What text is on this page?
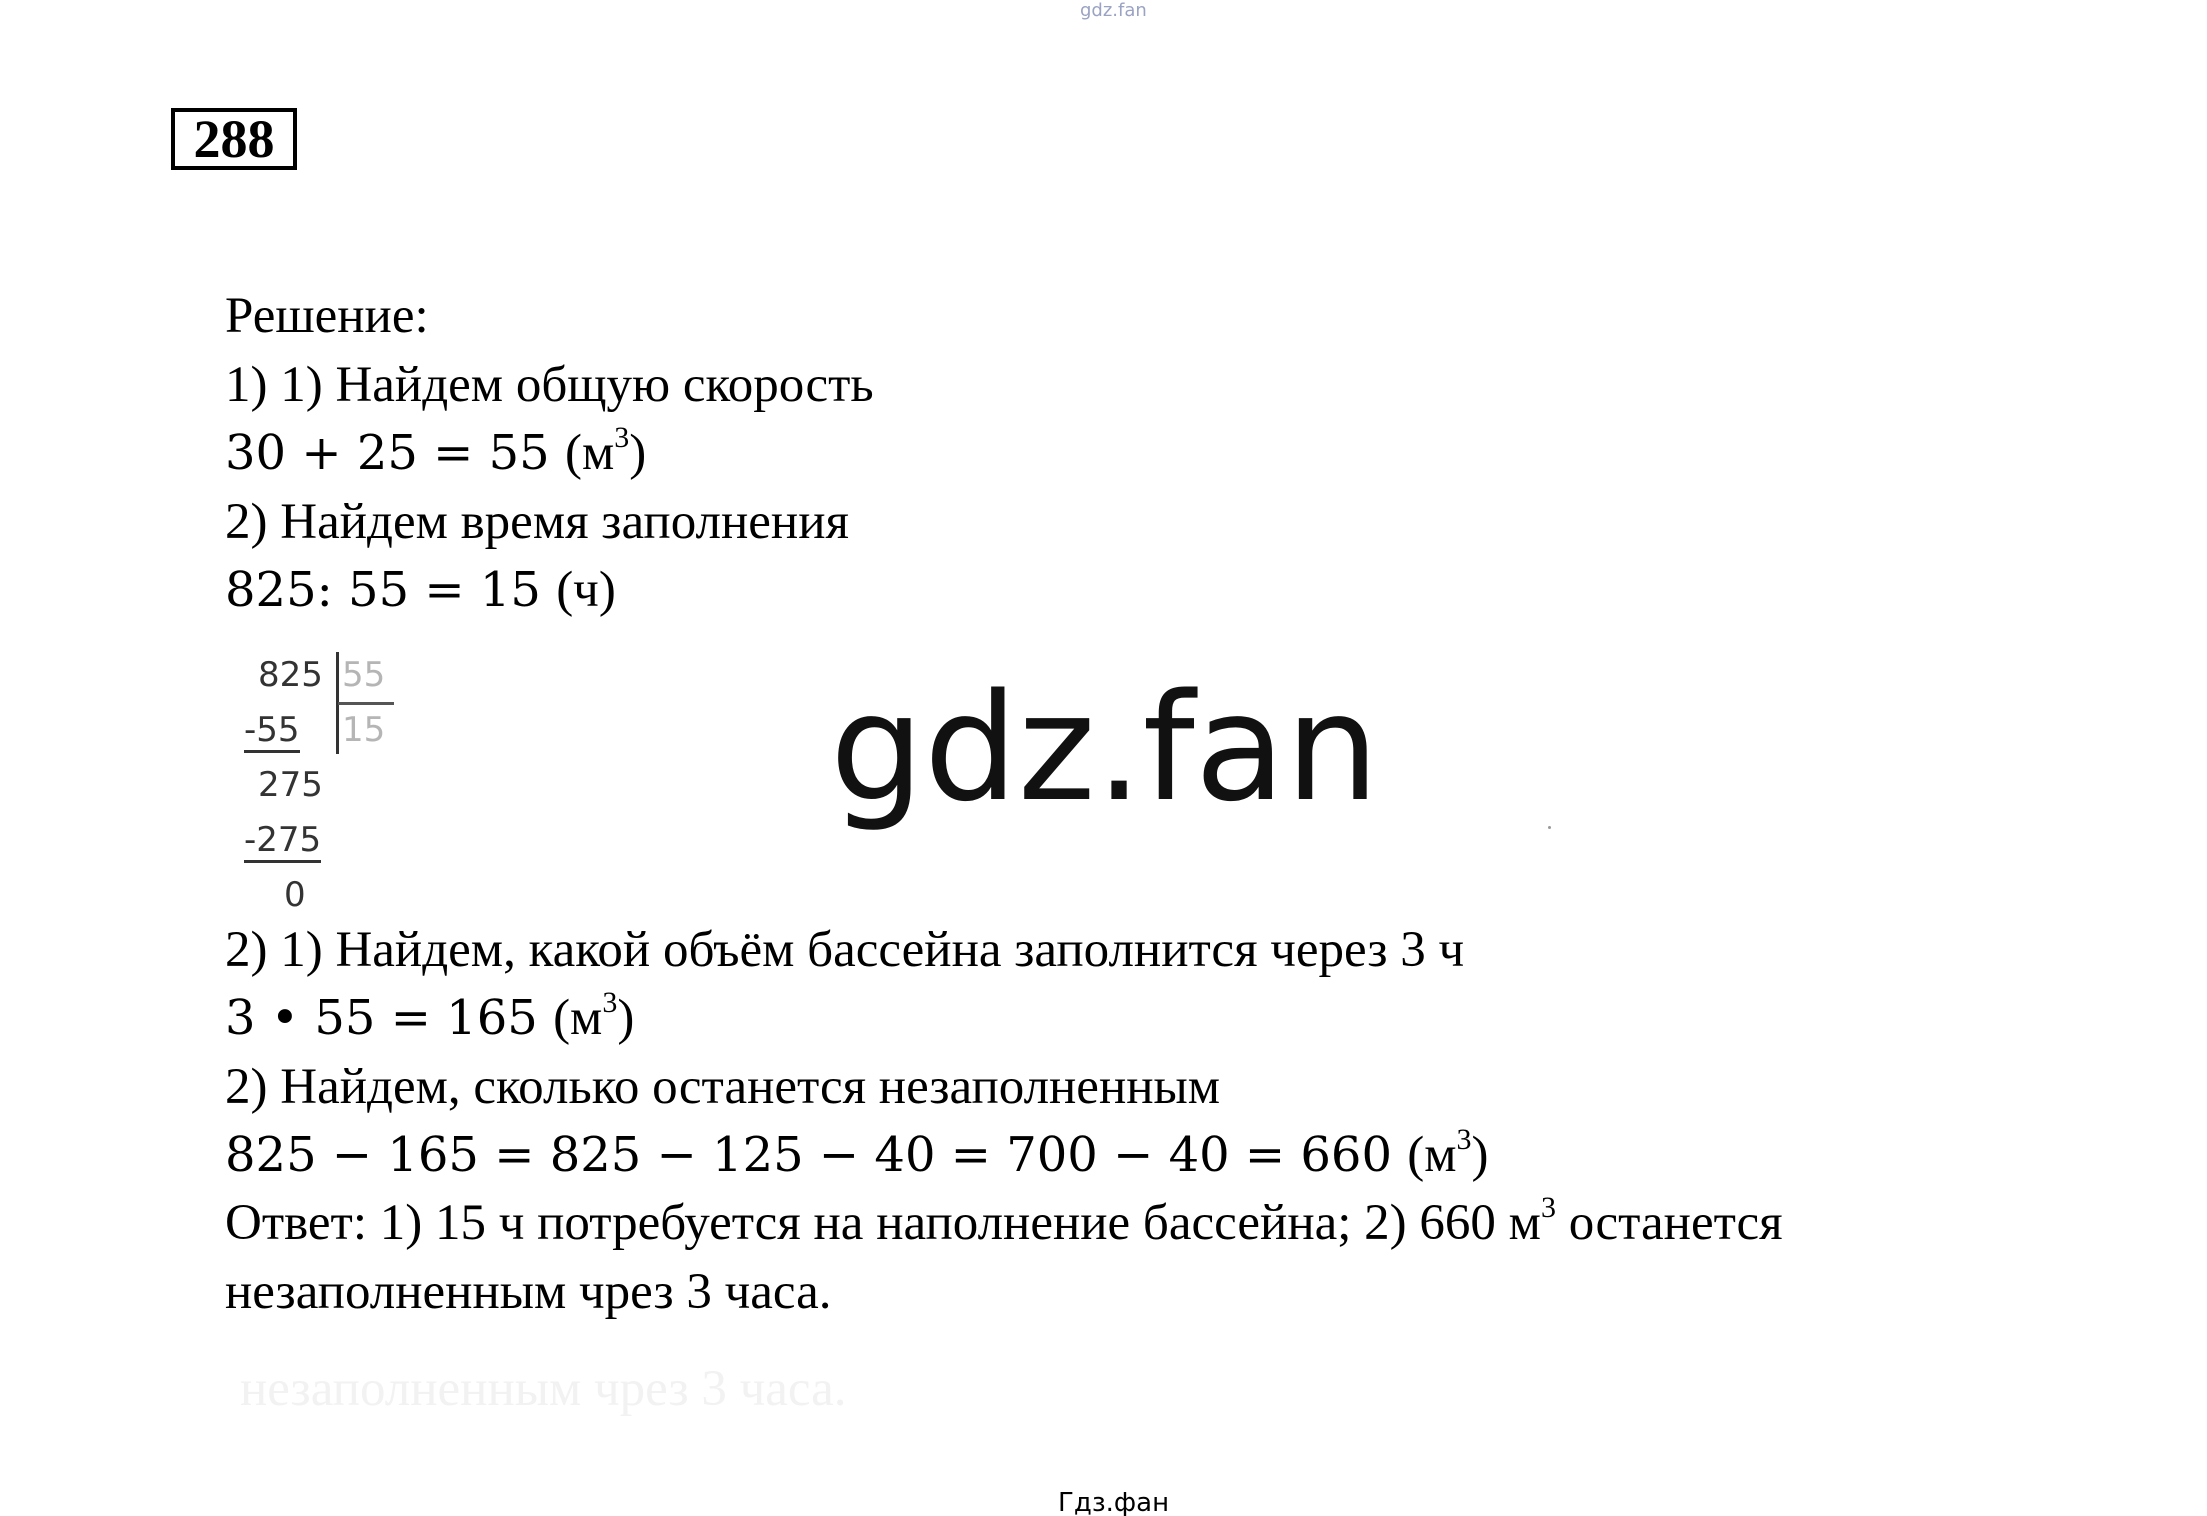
gdz.fan
288
Решение:
1) 1) Найдем общую скорость
30 + 25 = 55 $(м^3)$
2) Найдем время заполнения
825: 55 = 15 (ч)
825 55
-55 15
275
-275
0
gdz.fan
2) 1) Найдем, какой объём бассейна заполнится через 3 ч
3 • 55 = 165 $(м^3)$
2) Найдем, сколько останется незаполненным
825 − 165 = 825 − 125 − 40 = 700 − 40 = 660 $(м^3)$
Ответ: 1) 15 ч потребуется на наполнение бассейна; 2) 660 $м^3$ останется
незаполненным чрез 3 часа.
незаполненным чрез 3 часа.
Гдз.фан
